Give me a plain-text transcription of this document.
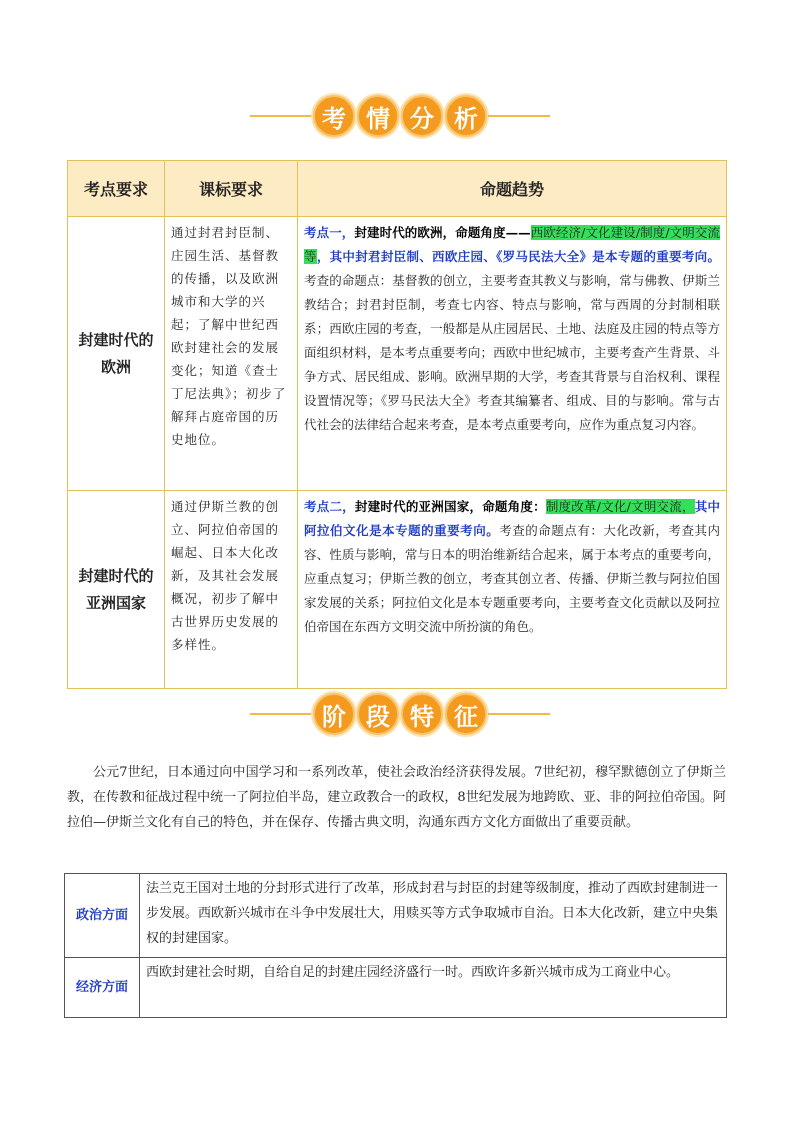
考 情 分 析
考点要求	课标要求	命题趋势
封建时代的欧洲	通过封君封臣制、庄园生活、基督教的传播，以及欧洲城市和大学的兴起；了解中世纪西欧封建社会的发展变化；知道《查士丁尼法典》；初步了解拜占庭帝国的历史地位。	考点一，封建时代的欧洲，命题角度——西欧经济/文化建设/制度/文明交流等，其中封君封臣制、西欧庄园、《罗马民法大全》是本专题的重要考向。考查的命题点：基督教的创立，主要考查其教义与影响，常与佛教、伊斯兰教结合；封君封臣制，考查七内容、特点与影响，常与西周的分封制相联系；西欧庄园的考查，一般都是从庄园居民、土地、法庭及庄园的特点等方面组织材料，是本考点重要考向；西欧中世纪城市，主要考查产生背景、斗争方式、居民组成、影响。欧洲早期的大学，考查其背景与自治权利、课程设置情况等；《罗马民法大全》考查其编纂者、组成、目的与影响。常与古代社会的法律结合起来考查，是本考点重要考向，应作为重点复习内容。
封建时代的亚洲国家	通过伊斯兰教的创立、阿拉伯帝国的崛起、日本大化改新，及其社会发展概况，初步了解中古世界历史发展的多样性。	考点二，封建时代的亚洲国家，命题角度：制度改革/文化/文明交流，其中阿拉伯文化是本专题的重要考向。考查的命题点有：大化改新，考查其内容、性质与影响，常与日本的明治维新结合起来，属于本考点的重要考向，应重点复习；伊斯兰教的创立，考查其创立者、传播、伊斯兰教与阿拉伯国家发展的关系；阿拉伯文化是本专题重要考向，主要考查文化贡献以及阿拉伯帝国在东西方文明交流中所扮演的角色。
阶 段 特 征

公元7世纪，日本通过向中国学习和一系列改革，使社会政治经济获得发展。7世纪初，穆罕默德创立了伊斯兰教，在传教和征战过程中统一了阿拉伯半岛，建立政教合一的政权，8世纪发展为地跨欧、亚、非的阿拉伯帝国。阿拉伯—伊斯兰文化有自己的特色，并在保存、传播古典文明，沟通东西方文化方面做出了重要贡献。

政治方面	法兰克王国对土地的分封形式进行了改革，形成封君与封臣的封建等级制度，推动了西欧封建制进一步发展。西欧新兴城市在斗争中发展壮大，用赎买等方式争取城市自治。日本大化改新，建立中央集权的封建国家。
经济方面	西欧封建社会时期，自给自足的封建庄园经济盛行一时。西欧许多新兴城市成为工商业中心。
